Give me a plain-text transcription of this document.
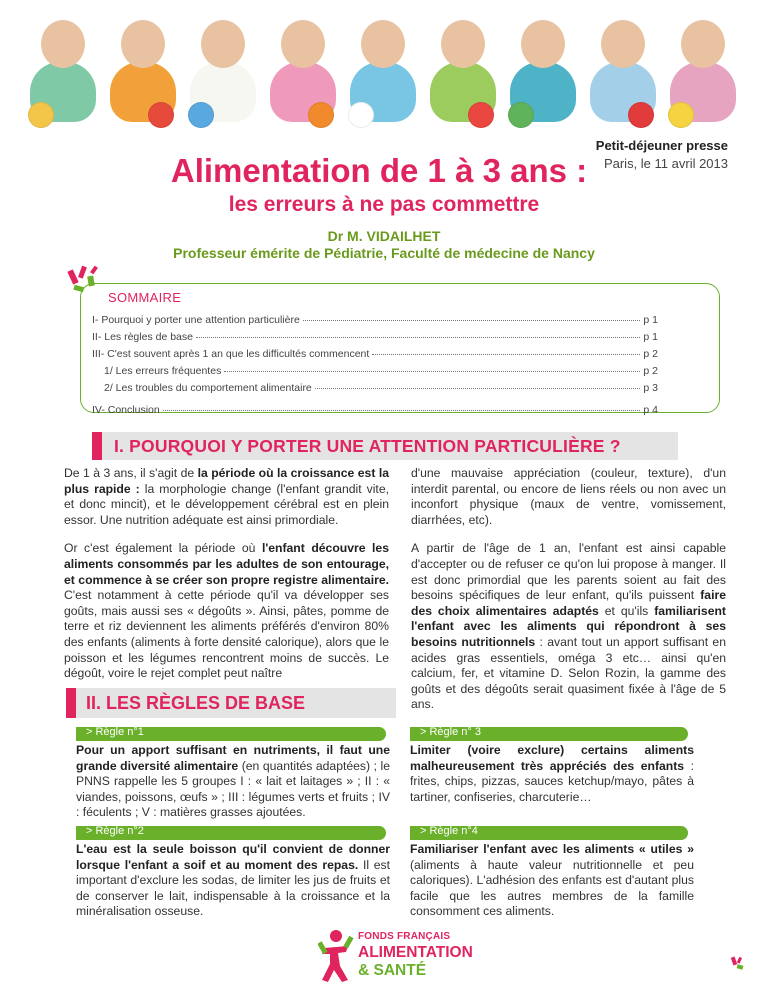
Petit-déjeuner presse
Paris, le 11 avril 2013
Alimentation de 1 à 3 ans :
les erreurs à ne pas commettre
Dr M. VIDAILHET
Professeur émérite de Pédiatrie, Faculté de médecine de Nancy
SOMMAIRE
I- Pourquoi y porter une attention particulière	p 1
II- Les règles de base	p 1
III- C'est souvent après 1 an que les difficultés commencent	p 2
1/ Les erreurs fréquentes	p 2
2/ Les troubles du comportement alimentaire	p 3
IV- Conclusion	p 4
I. POURQUOI Y PORTER UNE ATTENTION PARTICULIÈRE ?

De 1 à 3 ans, il s'agit de la période où la croissance est la plus rapide : la morphologie change (l'enfant grandit vite, et donc mincit), et le développement cérébral est en plein essor. Une nutrition adéquate est ainsi primordiale.

Or c'est également la période où l'enfant découvre les aliments consommés par les adultes de son entourage, et commence à se créer son propre registre alimentaire. C'est notamment à cette période qu'il va développer ses goûts, mais aussi ses « dégoûts ». Ainsi, pâtes, pomme de terre et riz deviennent les aliments préférés d'environ 80% des enfants (aliments à forte densité calorique), alors que le poisson et les légumes rencontrent moins de succès. Le dégoût, voire le rejet complet peut naître

d'une mauvaise appréciation (couleur, texture), d'un interdit parental, ou encore de liens réels ou non avec un inconfort physique (maux de ventre, vomissement, diarrhées, etc).

A partir de l'âge de 1 an, l'enfant est ainsi capable d'accepter ou de refuser ce qu'on lui propose à manger. Il est donc primordial que les parents soient au fait des besoins spécifiques de leur enfant, qu'ils puissent faire des choix alimentaires adaptés et qu'ils familiarisent l'enfant avec les aliments qui répondront à ses besoins nutritionnels : avant tout un apport suffisant en acides gras essentiels, oméga 3 etc… ainsi qu'en calcium, fer, et vitamine D. Selon Rozin, la gamme des goûts et des dégoûts serait quasiment fixée à l'âge de 5 ans.

II. LES RÈGLES DE BASE
> Règle n°1
Pour un apport suffisant en nutriments, il faut une grande diversité alimentaire (en quantités adaptées) ; le PNNS rappelle les 5 groupes I : « lait et laitages » ; II : « viandes, poissons, œufs » ; III : légumes verts et fruits ; IV : féculents ; V : matières grasses ajoutées.
> Règle n°2
L'eau est la seule boisson qu'il convient de donner lorsque l'enfant a soif et au moment des repas. Il est important d'exclure les sodas, de limiter les jus de fruits et de conserver le lait, indispensable à la croissance et la minéralisation osseuse.
> Règle n° 3
Limiter (voire exclure) certains aliments malheureusement très appréciés des enfants : frites, chips, pizzas, sauces ketchup/mayo, pâtes à tartiner, confiseries, charcuterie…
> Règle n°4
Familiariser l'enfant avec les aliments « utiles » (aliments à haute valeur nutritionnelle et peu caloriques). L'adhésion des enfants est d'autant plus facile que les autres membres de la famille consomment ces aliments.
FONDS FRANÇAIS
ALIMENTATION
& SANTÉ
